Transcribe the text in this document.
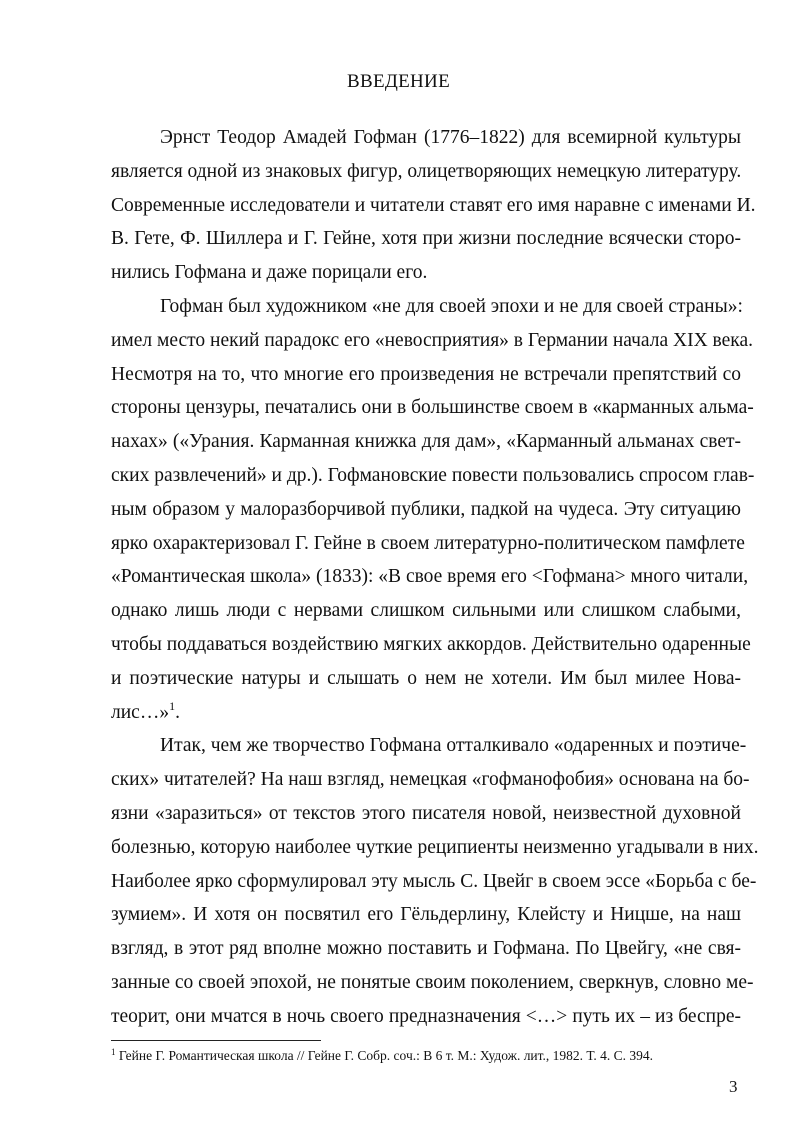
ВВЕДЕНИЕ

Эрнст Теодор Амадей Гофман (1776–1822) для всемирной культуры
является одной из знаковых фигур, олицетворяющих немецкую литературу.
Современные исследователи и читатели ставят его имя наравне с именами И.
В. Гете, Ф. Шиллера и Г. Гейне, хотя при жизни последние всячески сторо-
нились Гофмана и даже порицали его.

Гофман был художником «не для своей эпохи и не для своей страны»:
имел место некий парадокс его «невосприятия» в Германии начала XIX века.
Несмотря на то, что многие его произведения не встречали препятствий со
стороны цензуры, печатались они в большинстве своем в «карманных альма-
нахах» («Урания. Карманная книжка для дам», «Карманный альманах свет-
ских развлечений» и др.). Гофмановские повести пользовались спросом глав-
ным образом у малоразборчивой публики, падкой на чудеса. Эту ситуацию
ярко охарактеризовал Г. Гейне в своем литературно-политическом памфлете
«Романтическая школа» (1833): «В свое время его <Гофмана> много читали,
однако лишь люди с нервами слишком сильными или слишком слабыми,
чтобы поддаваться воздействию мягких аккордов. Действительно одаренные
и поэтические натуры и слышать о нем не хотели. Им был милее Нова-
лис…»$^1$.

Итак, чем же творчество Гофмана отталкивало «одаренных и поэтиче-
ских» читателей? На наш взгляд, немецкая «гофманофобия» основана на бо-
язни «заразиться» от текстов этого писателя новой, неизвестной духовной
болезнью, которую наиболее чуткие реципиенты неизменно угадывали в них.
Наиболее ярко сформулировал эту мысль С. Цвейг в своем эссе «Борьба с бе-
зумием». И хотя он посвятил его Гёльдерлину, Клейсту и Ницше, на наш
взгляд, в этот ряд вполне можно поставить и Гофмана. По Цвейгу, «не свя-
занные со своей эпохой, не понятые своим поколением, сверкнув, словно ме-
теорит, они мчатся в ночь своего предназначения <…> путь их – из беспре-

$^1$ Гейне Г. Романтическая школа // Гейне Г. Собр. соч.: В 6 т. М.: Худож. лит., 1982. Т. 4. С. 394.
3
